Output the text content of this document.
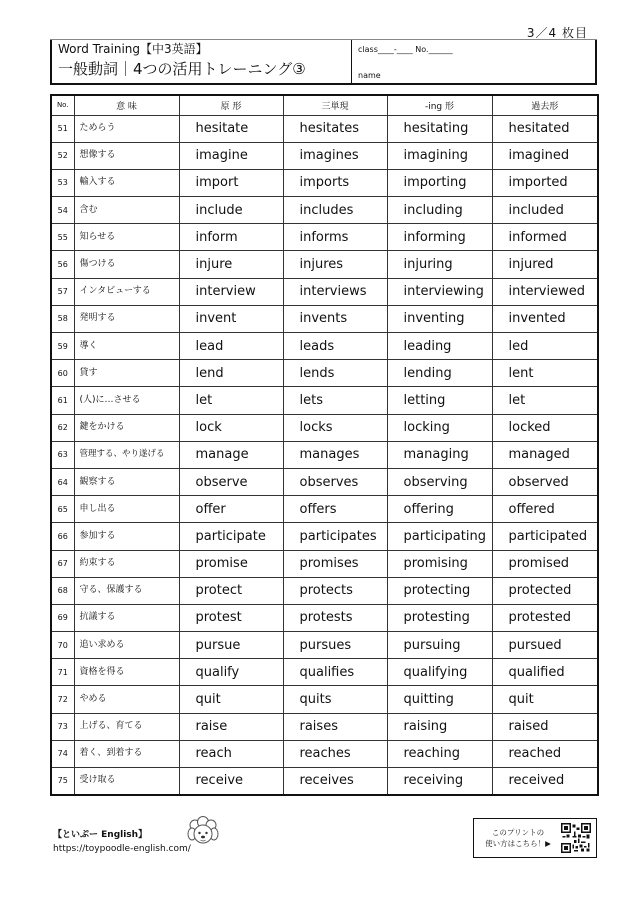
3／4 枚目
Word Training【中3英語】
一般動詞｜4つの活用トレーニング③
class____-____ No.______
name
No.	意 味	原 形	三単現	-ing 形	過去形
51	ためらう	hesitate	hesitates	hesitating	hesitated
52	想像する	imagine	imagines	imagining	imagined
53	輸入する	import	imports	importing	imported
54	含む	include	includes	including	included
55	知らせる	inform	informs	informing	informed
56	傷つける	injure	injures	injuring	injured
57	インタビューする	interview	interviews	interviewing	interviewed
58	発明する	invent	invents	inventing	invented
59	導く	lead	leads	leading	led
60	貸す	lend	lends	lending	lent
61	(人)に…させる	let	lets	letting	let
62	鍵をかける	lock	locks	locking	locked
63	管理する、やり遂げる	manage	manages	managing	managed
64	観察する	observe	observes	observing	observed
65	申し出る	offer	offers	offering	offered
66	参加する	participate	participates	participating	participated
67	約束する	promise	promises	promising	promised
68	守る、保護する	protect	protects	protecting	protected
69	抗議する	protest	protests	protesting	protested
70	追い求める	pursue	pursues	pursuing	pursued
71	資格を得る	qualify	qualifies	qualifying	qualified
72	やめる	quit	quits	quitting	quit
73	上げる、育てる	raise	raises	raising	raised
74	着く、到着する	reach	reaches	reaching	reached
75	受け取る	receive	receives	receiving	received
【といぷー English】
https://toypoodle-english.com/
このプリントの
使い方はこちら！▶
